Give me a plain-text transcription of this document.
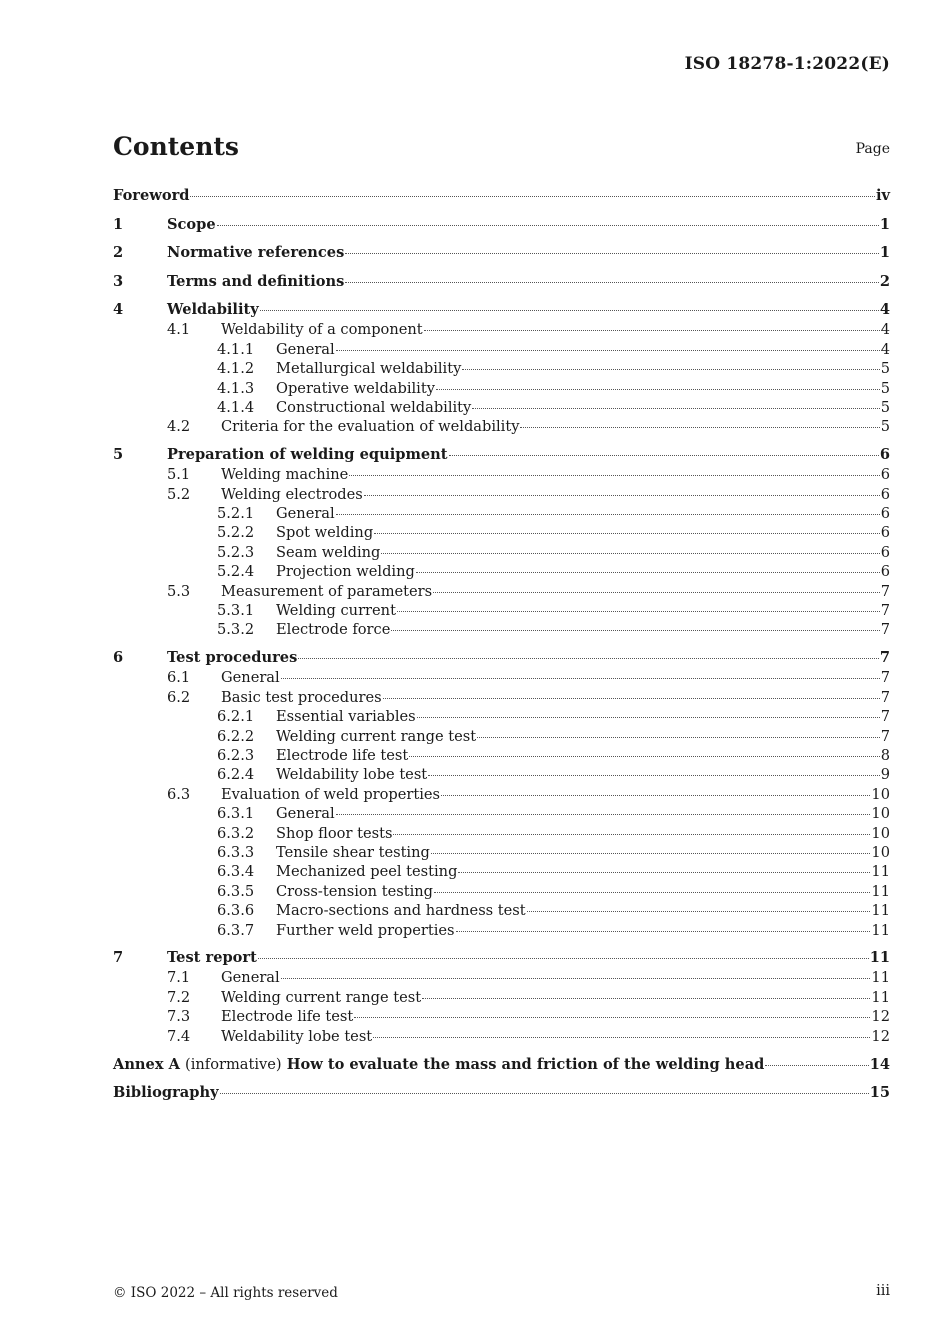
ISO 18278-1:2022(E)
Contents	Page
Foreword	iv
1	Scope	1
2	Normative references	1
3	Terms and definitions	2
4	Weldability	4
4.1	Weldability of a component	4
4.1.1	General	4
4.1.2	Metallurgical weldability	5
4.1.3	Operative weldability	5
4.1.4	Constructional weldability	5
4.2	Criteria for the evaluation of weldability	5
5	Preparation of welding equipment	6
5.1	Welding machine	6
5.2	Welding electrodes	6
5.2.1	General	6
5.2.2	Spot welding	6
5.2.3	Seam welding	6
5.2.4	Projection welding	6
5.3	Measurement of parameters	7
5.3.1	Welding current	7
5.3.2	Electrode force	7
6	Test procedures	7
6.1	General	7
6.2	Basic test procedures	7
6.2.1	Essential variables	7
6.2.2	Welding current range test	7
6.2.3	Electrode life test	8
6.2.4	Weldability lobe test	9
6.3	Evaluation of weld properties	10
6.3.1	General	10
6.3.2	Shop floor tests	10
6.3.3	Tensile shear testing	10
6.3.4	Mechanized peel testing	11
6.3.5	Cross-tension testing	11
6.3.6	Macro-sections and hardness test	11
6.3.7	Further weld properties	11
7	Test report	11
7.1	General	11
7.2	Welding current range test	11
7.3	Electrode life test	12
7.4	Weldability lobe test	12
Annex A (informative) How to evaluate the mass and friction of the welding head	14
Bibliography	15
© ISO 2022 – All rights reserved	iii
